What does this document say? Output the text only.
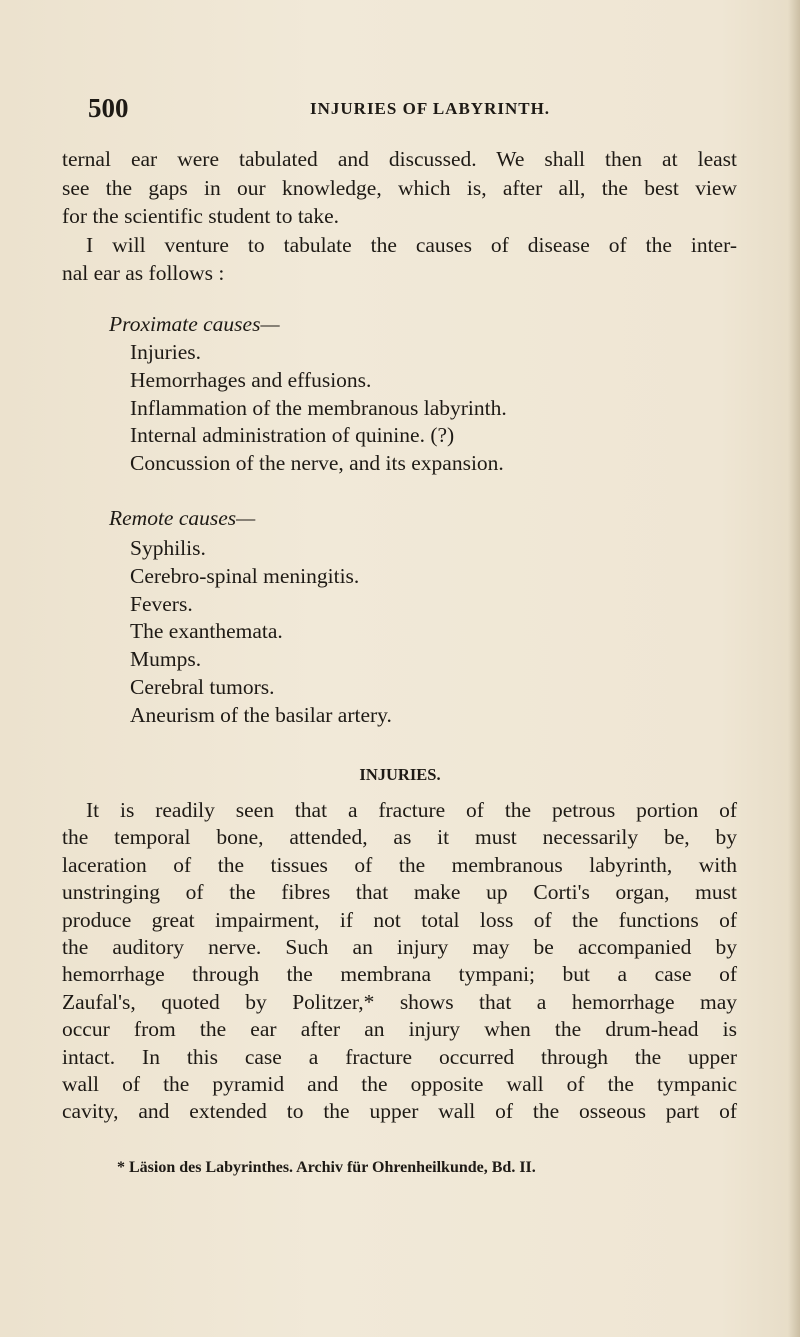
500	INJURIES OF LABYRINTH.

ternal ear were tabulated and discussed. We shall then at least
see the gaps in our knowledge, which is, after all, the best view
for the scientific student to take.
I will venture to tabulate the causes of disease of the inter-
nal ear as follows :

Proximate causes—
Injuries.
Hemorrhages and effusions.
Inflammation of the membranous labyrinth.
Internal administration of quinine. (?)
Concussion of the nerve, and its expansion.
Remote causes—
Syphilis.
Cerebro-spinal meningitis.
Fevers.
The exanthemata.
Mumps.
Cerebral tumors.
Aneurism of the basilar artery.
INJURIES.

It is readily seen that a fracture of the petrous portion of
the temporal bone, attended, as it must necessarily be, by
laceration of the tissues of the membranous labyrinth, with
unstringing of the fibres that make up Corti's organ, must
produce great impairment, if not total loss of the functions of
the auditory nerve. Such an injury may be accompanied by
hemorrhage through the membrana tympani; but a case of
Zaufal's, quoted by Politzer,* shows that a hemorrhage may
occur from the ear after an injury when the drum-head is
intact. In this case a fracture occurred through the upper
wall of the pyramid and the opposite wall of the tympanic
cavity, and extended to the upper wall of the osseous part of

* Läsion des Labyrinthes. Archiv für Ohrenheilkunde, Bd. II.
